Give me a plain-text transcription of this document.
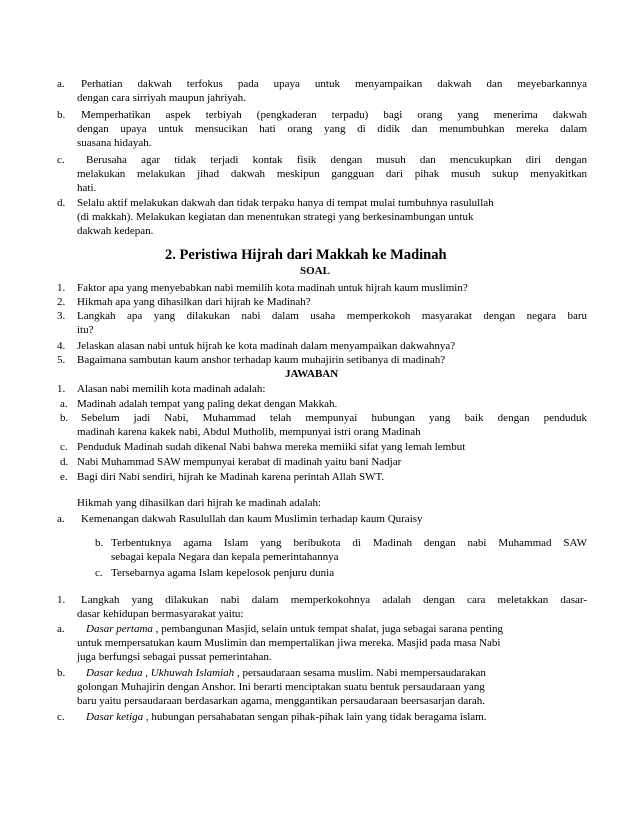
a. Perhatian dakwah terfokus pada upaya untuk menyampaikan dakwah dan meyebarkannya
dengan cara sirriyah maupun jahriyah.
b. Memperhatikan aspek terbiyah (pengkaderan terpadu) bagi orang yang menerima dakwah
dengan upaya untuk mensucikan hati orang yang di didik dan menumbuhkan mereka dalam
suasana hidayah.
c. Berusaha agar tidak terjadi kontak fisik dengan musuh dan mencukupkan diri dengan
melakukan melakukan jihad dakwah meskipun gangguan dari pihak musuh sukup menyakitkan
hati.
d. Selalu aktif melakukan dakwah dan tidak terpaku hanya di tempat mulai tumbuhnya rasulullah
(di makkah). Melakukan kegiatan dan menentukan strategi yang berkesinambungan untuk
dakwah kedepan.
2. Peristiwa Hijrah dari Makkah ke Madinah
SOAL
1. Faktor apa yang menyebabkan nabi memilih kota madinah untuk hijrah kaum muslimin?
2. Hikmah apa yang dihasilkan dari hijrah ke Madinah?
3. Langkah apa yang dilakukan nabi dalam usaha memperkokoh masyarakat dengan negara baru
itu?
4. Jelaskan alasan nabi untuk hijrah ke kota madinah dalam menyampaikan dakwahnya?
5. Bagaimana sambutan kaum anshor terhadap kaum muhajirin setibanya di madinah?
JAWABAN
1. Alasan nabi memilih kota madinah adalah:
a. Madinah adalah tempat yang paling dekat dengan Makkah.
b. Sebelum jadi Nabi, Muhammad telah mempunyai hubungan yang baik dengan penduduk
madinah karena kakek nabi, Abdul Mutholib, mempunyai istri orang Madinah
c. Penduduk Madinah sudah dikenal Nabi bahwa mereka memiiki sifat yang lemah lembut
d. Nabi Muhammad SAW mempunyai kerabat di madinah yaitu bani Nadjar
e. Bagi diri Nabi sendiri, hijrah ke Madinah karena perintah Allah SWT.
Hikmah yang dihasilkan dari hijrah ke madinah adalah:
a. Kemenangan dakwah Rasulullah dan kaum Muslimin terhadap kaum Quraisy
b. Terbentuknya agama Islam yang beribukota di Madinah dengan nabi Muhammad SAW
sebagai kepala Negara dan kepala pemerintahannya
c. Tersebarnya agama Islam kepelosok penjuru dunia
1. Langkah yang dilakukan nabi dalam memperkokohnya adalah dengan cara meletakkan dasar-
dasar kehidupan bermasyarakat yaitu:
a. Dasar pertama , pembangunan Masjid, selain untuk tempat shalat, juga sebagai sarana penting
untuk mempersatukan kaum Muslimin dan mempertalikan jiwa mereka. Masjid pada masa Nabi
juga berfungsi sebagai pussat pemerintahan.
b. Dasar kedua , Ukhuwah Islamiah , persaudaraan sesama muslim. Nabi mempersaudarakan
golongan Muhajirin dengan Anshor. Ini berarti menciptakan suatu bentuk persaudaraan yang
baru yaitu persaudaraan berdasarkan agama, menggantikan persaudaraan beersasarjan darah.
c. Dasar ketiga , hubungan persahabatan sengan pihak-pihak lain yang tidak beragama islam.
